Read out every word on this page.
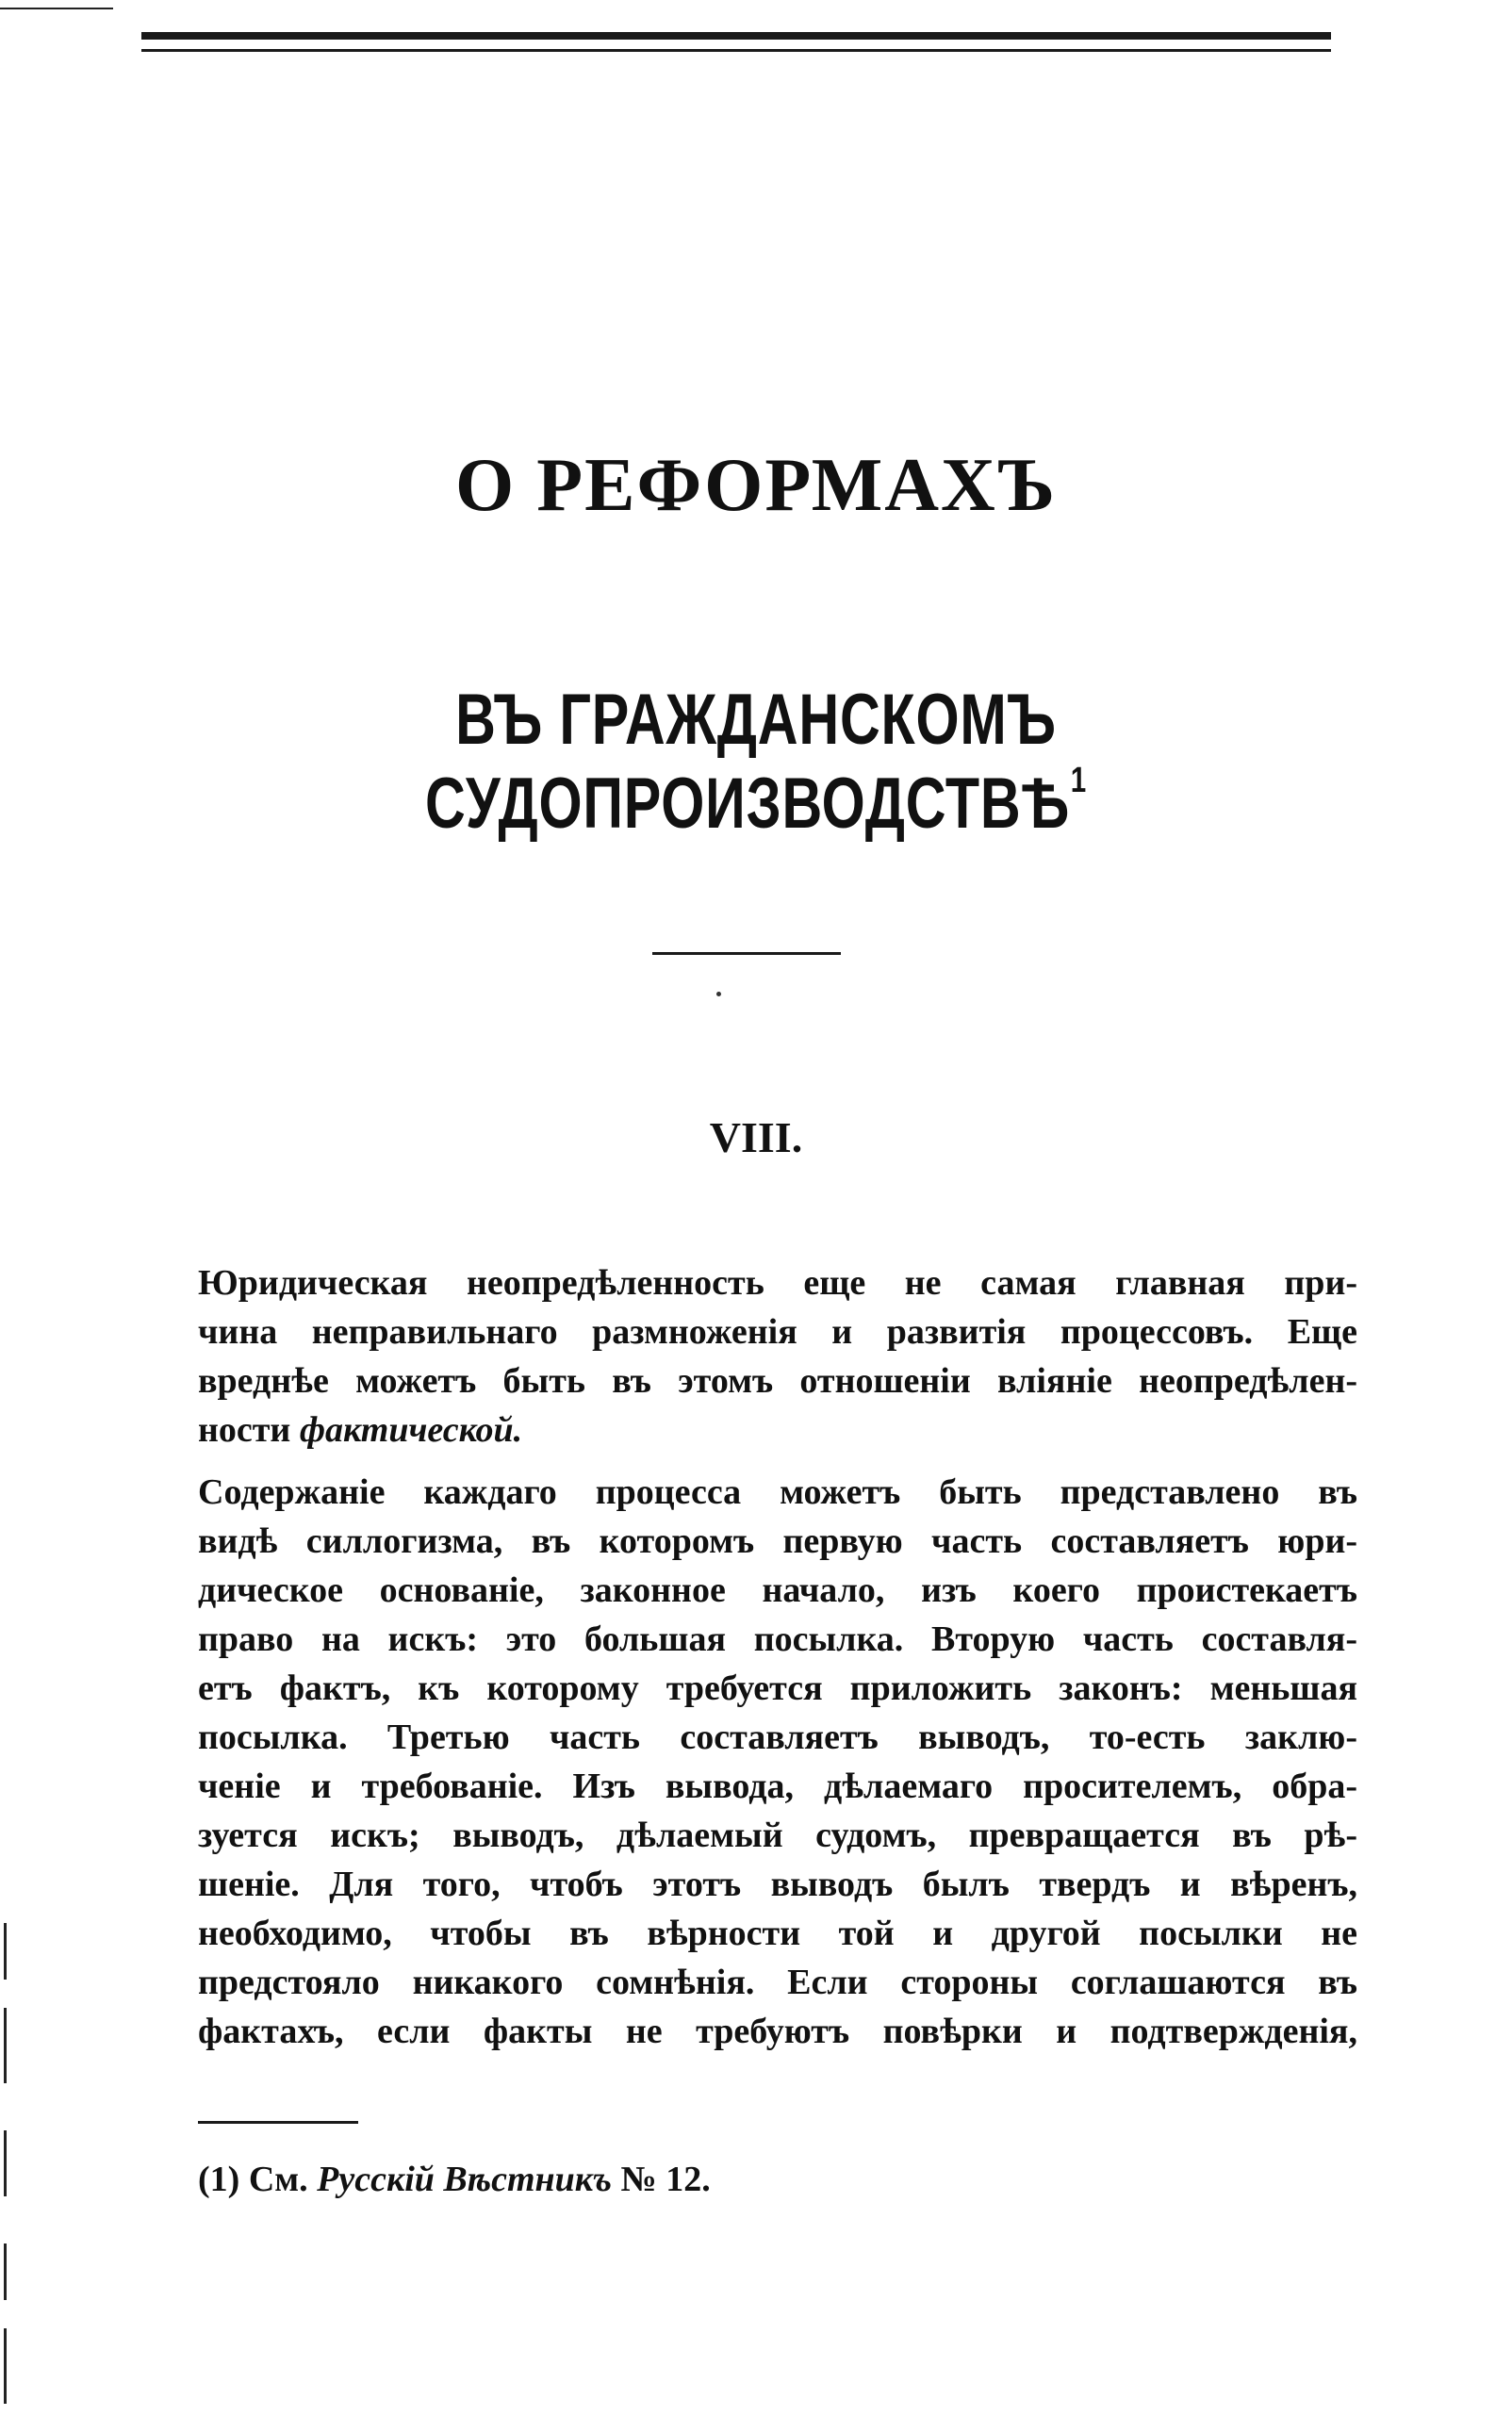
О РЕФОРМАХЪ
ВЪ ГРАЖДАНСКОМЪ СУДОПРОИЗВОДСТВѢ$^1$
VIII.
Юридическая неопредѣленность еще не самая главная при-
чина неправильнаго размноженія и развитія процессовъ. Еще
вреднѣе можетъ быть въ этомъ отношеніи вліяніе неопредѣлен-
ности фактической.
Содержаніе каждаго процесса можетъ быть представлено въ
видѣ силлогизма, въ которомъ первую часть составляетъ юри-
дическое основаніе, законное начало, изъ коего проистекаетъ
право на искъ: это большая посылка. Вторую часть составля-
етъ фактъ, къ которому требуется приложить законъ: меньшая
посылка. Третью часть составляетъ выводъ, то-есть заклю-
ченіе и требованіе. Изъ вывода, дѣлаемаго просителемъ, обра-
зуется искъ; выводъ, дѣлаемый судомъ, превращается въ рѣ-
шеніе. Для того, чтобъ этотъ выводъ былъ твердъ и вѣренъ,
необходимо, чтобы въ вѣрности той и другой посылки не
предстояло никакого сомнѣнія. Если стороны соглашаются въ
фактахъ, если факты не требуютъ повѣрки и подтвержденія,
(1) См. Русскій Вѣстникъ № 12.
